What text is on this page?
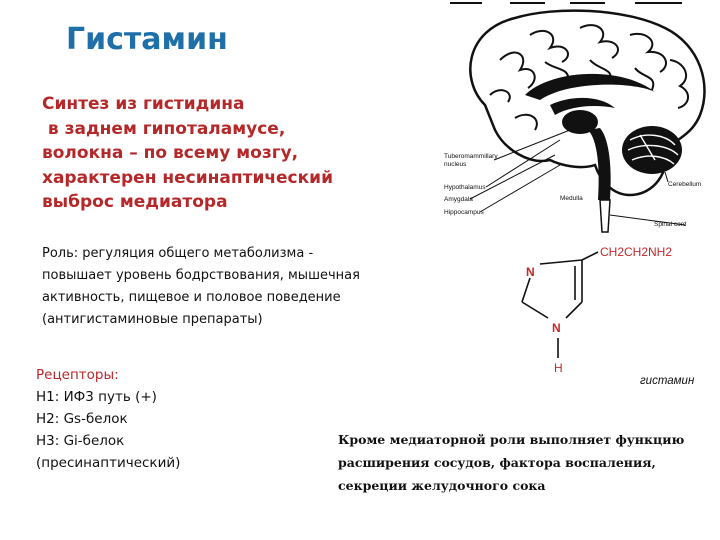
Гистамин
Синтез из гистидина
в заднем гипоталамусе,
волокна – по всему мозгу,
характерен несинаптический
выброс медиатора
Роль: регуляция общего метаболизма - повышает уровень бодрствования, мышечная активность, пищевое и половое поведение (антигистаминовые препараты)
Рецепторы:
H1: ИФ3 путь (+)
H2: Gs-белок
H3: Gi-белок
(пресинаптический)
Кроме медиаторной роли выполняет функцию расширения сосудов, фактора воспаления, секреции желудочного сока
Tuberomammillary
nucleus
Hypothalamus
Amygdala
Hippocampus
Medulla
Cerebellum
Spinal cord
N
N
H
CH2CH2NH2
гистамин
